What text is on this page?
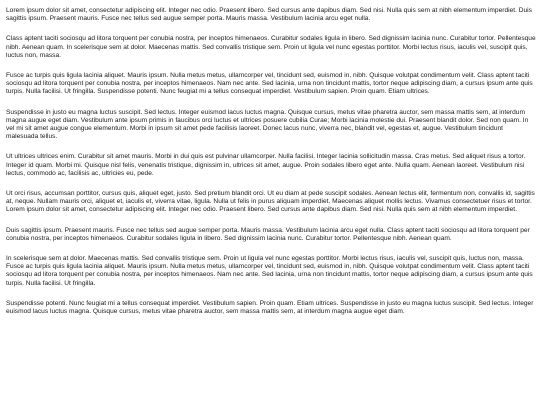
Lorem ipsum dolor sit amet, consectetur adipiscing elit. Integer nec odio. Praesent libero. Sed cursus ante dapibus diam. Sed nisi. Nulla quis sem at nibh elementum imperdiet. Duis sagittis ipsum. Praesent mauris. Fusce nec tellus sed augue semper porta. Mauris massa. Vestibulum lacinia arcu eget nulla.

Class aptent taciti sociosqu ad litora torquent per conubia nostra, per inceptos himenaeos. Curabitur sodales ligula in libero. Sed dignissim lacinia nunc. Curabitur tortor. Pellentesque nibh. Aenean quam. In scelerisque sem at dolor. Maecenas mattis. Sed convallis tristique sem. Proin ut ligula vel nunc egestas porttitor. Morbi lectus risus, iaculis vel, suscipit quis, luctus non, massa.

Fusce ac turpis quis ligula lacinia aliquet. Mauris ipsum. Nulla metus metus, ullamcorper vel, tincidunt sed, euismod in, nibh. Quisque volutpat condimentum velit. Class aptent taciti sociosqu ad litora torquent per conubia nostra, per inceptos himenaeos. Nam nec ante. Sed lacinia, urna non tincidunt mattis, tortor neque adipiscing diam, a cursus ipsum ante quis turpis. Nulla facilisi. Ut fringilla. Suspendisse potenti. Nunc feugiat mi a tellus consequat imperdiet. Vestibulum sapien. Proin quam. Etiam ultrices.

Suspendisse in justo eu magna luctus suscipit. Sed lectus. Integer euismod lacus luctus magna. Quisque cursus, metus vitae pharetra auctor, sem massa mattis sem, at interdum magna augue eget diam. Vestibulum ante ipsum primis in faucibus orci luctus et ultrices posuere cubilia Curae; Morbi lacinia molestie dui. Praesent blandit dolor. Sed non quam. In vel mi sit amet augue congue elementum. Morbi in ipsum sit amet pede facilisis laoreet. Donec lacus nunc, viverra nec, blandit vel, egestas et, augue. Vestibulum tincidunt malesuada tellus.

Ut ultrices ultrices enim. Curabitur sit amet mauris. Morbi in dui quis est pulvinar ullamcorper. Nulla facilisi. Integer lacinia sollicitudin massa. Cras metus. Sed aliquet risus a tortor. Integer id quam. Morbi mi. Quisque nisl felis, venenatis tristique, dignissim in, ultrices sit amet, augue. Proin sodales libero eget ante. Nulla quam. Aenean laoreet. Vestibulum nisi lectus, commodo ac, facilisis ac, ultricies eu, pede.

Ut orci risus, accumsan porttitor, cursus quis, aliquet eget, justo. Sed pretium blandit orci. Ut eu diam at pede suscipit sodales. Aenean lectus elit, fermentum non, convallis id, sagittis at, neque. Nullam mauris orci, aliquet et, iaculis et, viverra vitae, ligula. Nulla ut felis in purus aliquam imperdiet. Maecenas aliquet mollis lectus. Vivamus consectetuer risus et tortor. Lorem ipsum dolor sit amet, consectetur adipiscing elit. Integer nec odio. Praesent libero. Sed cursus ante dapibus diam. Sed nisi. Nulla quis sem at nibh elementum imperdiet.

Duis sagittis ipsum. Praesent mauris. Fusce nec tellus sed augue semper porta. Mauris massa. Vestibulum lacinia arcu eget nulla. Class aptent taciti sociosqu ad litora torquent per conubia nostra, per inceptos himenaeos. Curabitur sodales ligula in libero. Sed dignissim lacinia nunc. Curabitur tortor. Pellentesque nibh. Aenean quam.

In scelerisque sem at dolor. Maecenas mattis. Sed convallis tristique sem. Proin ut ligula vel nunc egestas porttitor. Morbi lectus risus, iaculis vel, suscipit quis, luctus non, massa. Fusce ac turpis quis ligula lacinia aliquet. Mauris ipsum. Nulla metus metus, ullamcorper vel, tincidunt sed, euismod in, nibh. Quisque volutpat condimentum velit. Class aptent taciti sociosqu ad litora torquent per conubia nostra, per inceptos himenaeos. Nam nec ante. Sed lacinia, urna non tincidunt mattis, tortor neque adipiscing diam, a cursus ipsum ante quis turpis. Nulla facilisi. Ut fringilla.

Suspendisse potenti. Nunc feugiat mi a tellus consequat imperdiet. Vestibulum sapien. Proin quam. Etiam ultrices. Suspendisse in justo eu magna luctus suscipit. Sed lectus. Integer euismod lacus luctus magna. Quisque cursus, metus vitae pharetra auctor, sem massa mattis sem, at interdum magna augue eget diam.
